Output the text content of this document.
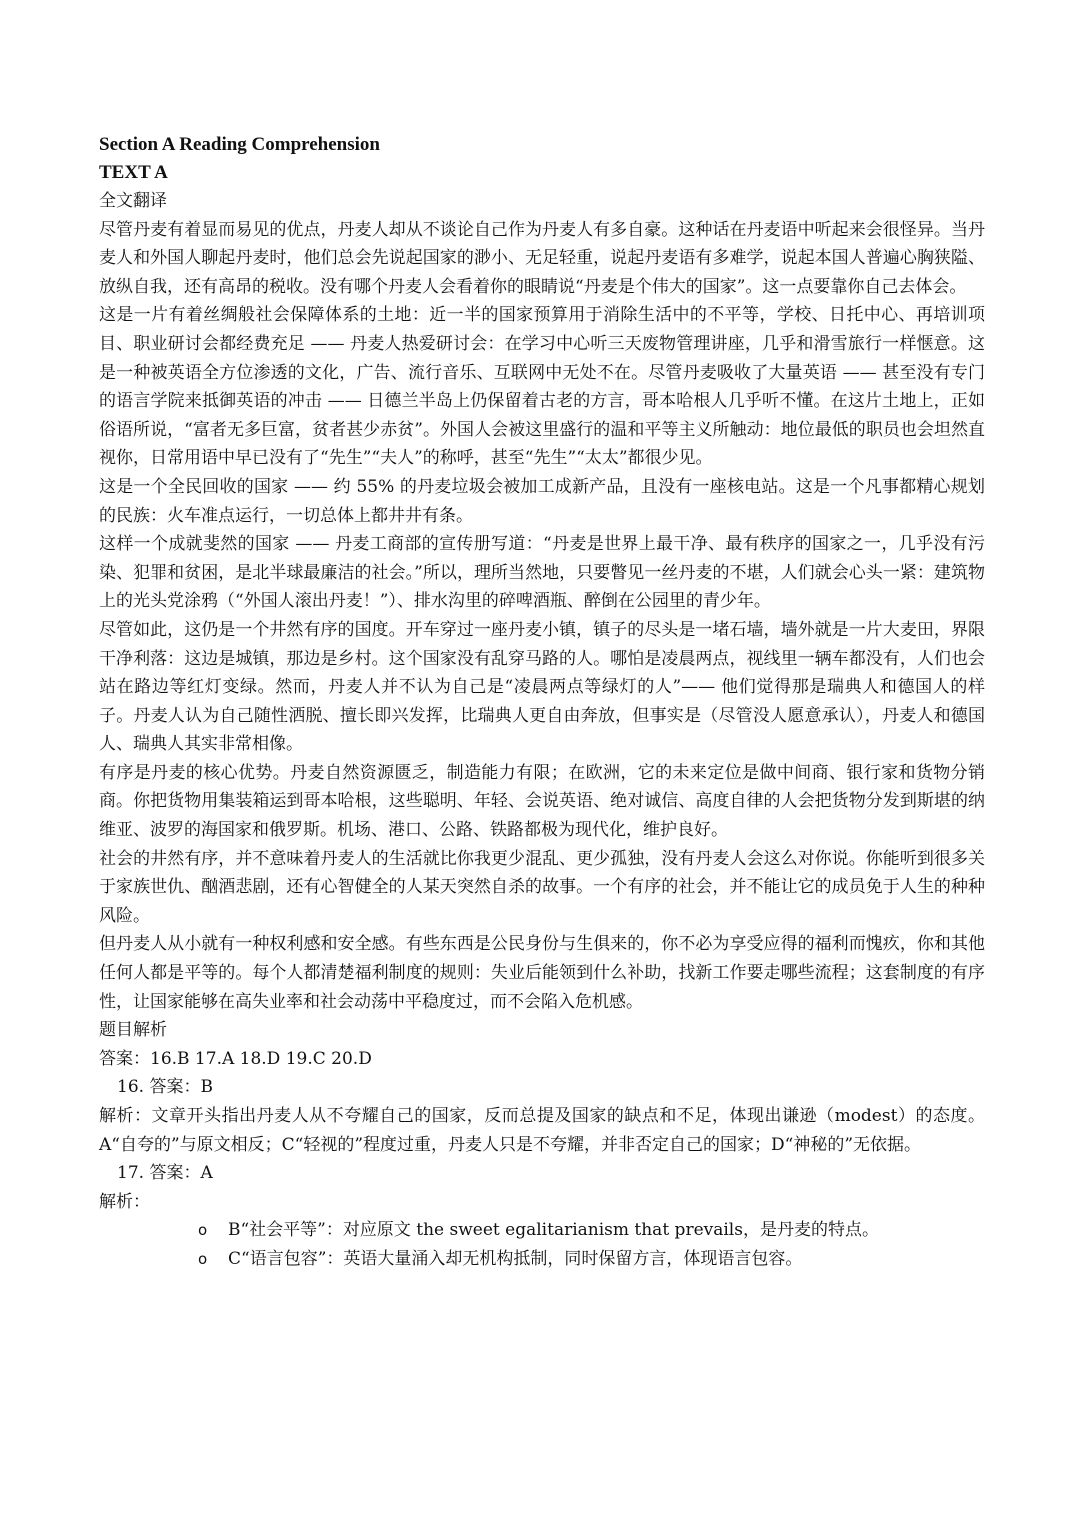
Section A Reading Comprehension

TEXT A

全文翻译

尽管丹麦有着显而易见的优点，丹麦人却从不谈论自己作为丹麦人有多自豪。这种话在丹麦语中听起来会很怪异。当丹麦人和外国人聊起丹麦时，他们总会先说起国家的渺小、无足轻重，说起丹麦语有多难学，说起本国人普遍心胸狭隘、放纵自我，还有高昂的税收。没有哪个丹麦人会看着你的眼睛说“丹麦是个伟大的国家”。这一点要靠你自己去体会。

这是一片有着丝绸般社会保障体系的土地：近一半的国家预算用于消除生活中的不平等，学校、日托中心、再培训项目、职业研讨会都经费充足 —— 丹麦人热爱研讨会：在学习中心听三天废物管理讲座，几乎和滑雪旅行一样惬意。这是一种被英语全方位渗透的文化，广告、流行音乐、互联网中无处不在。尽管丹麦吸收了大量英语 —— 甚至没有专门的语言学院来抵御英语的冲击 —— 日德兰半岛上仍保留着古老的方言，哥本哈根人几乎听不懂。在这片土地上，正如俗语所说，“富者无多巨富，贫者甚少赤贫”。外国人会被这里盛行的温和平等主义所触动：地位最低的职员也会坦然直视你，日常用语中早已没有了“先生”“夫人”的称呼，甚至“先生”“太太”都很少见。

这是一个全民回收的国家 —— 约 55% 的丹麦垃圾会被加工成新产品，且没有一座核电站。这是一个凡事都精心规划的民族：火车准点运行，一切总体上都井井有条。

这样一个成就斐然的国家 —— 丹麦工商部的宣传册写道：“丹麦是世界上最干净、最有秩序的国家之一，几乎没有污染、犯罪和贫困，是北半球最廉洁的社会。”所以，理所当然地，只要瞥见一丝丹麦的不堪，人们就会心头一紧：建筑物上的光头党涂鸦（“外国人滚出丹麦！”）、排水沟里的碎啤酒瓶、醉倒在公园里的青少年。

尽管如此，这仍是一个井然有序的国度。开车穿过一座丹麦小镇，镇子的尽头是一堵石墙，墙外就是一片大麦田，界限干净利落：这边是城镇，那边是乡村。这个国家没有乱穿马路的人。哪怕是凌晨两点，视线里一辆车都没有，人们也会站在路边等红灯变绿。然而，丹麦人并不认为自己是“凌晨两点等绿灯的人”—— 他们觉得那是瑞典人和德国人的样子。丹麦人认为自己随性洒脱、擅长即兴发挥，比瑞典人更自由奔放，但事实是（尽管没人愿意承认），丹麦人和德国人、瑞典人其实非常相像。

有序是丹麦的核心优势。丹麦自然资源匮乏，制造能力有限；在欧洲，它的未来定位是做中间商、银行家和货物分销商。你把货物用集装箱运到哥本哈根，这些聪明、年轻、会说英语、绝对诚信、高度自律的人会把货物分发到斯堪的纳维亚、波罗的海国家和俄罗斯。机场、港口、公路、铁路都极为现代化，维护良好。

社会的井然有序，并不意味着丹麦人的生活就比你我更少混乱、更少孤独，没有丹麦人会这么对你说。你能听到很多关于家族世仇、酗酒悲剧，还有心智健全的人某天突然自杀的故事。一个有序的社会，并不能让它的成员免于人生的种种风险。

但丹麦人从小就有一种权利感和安全感。有些东西是公民身份与生俱来的，你不必为享受应得的福利而愧疚，你和其他任何人都是平等的。每个人都清楚福利制度的规则：失业后能领到什么补助，找新工作要走哪些流程；这套制度的有序性，让国家能够在高失业率和社会动荡中平稳度过，而不会陷入危机感。

题目解析

答案：16.B 17.A 18.D 19.C 20.D

16. 答案：B

解析：文章开头指出丹麦人从不夸耀自己的国家，反而总提及国家的缺点和不足，体现出谦逊（modest）的态度。A“自夸的”与原文相反；C“轻视的”程度过重，丹麦人只是不夸耀，并非否定自己的国家；D“神秘的”无依据。

17. 答案：A

解析：

o B“社会平等”：对应原文 the sweet egalitarianism that prevails，是丹麦的特点。
o C“语言包容”：英语大量涌入却无机构抵制，同时保留方言，体现语言包容。
